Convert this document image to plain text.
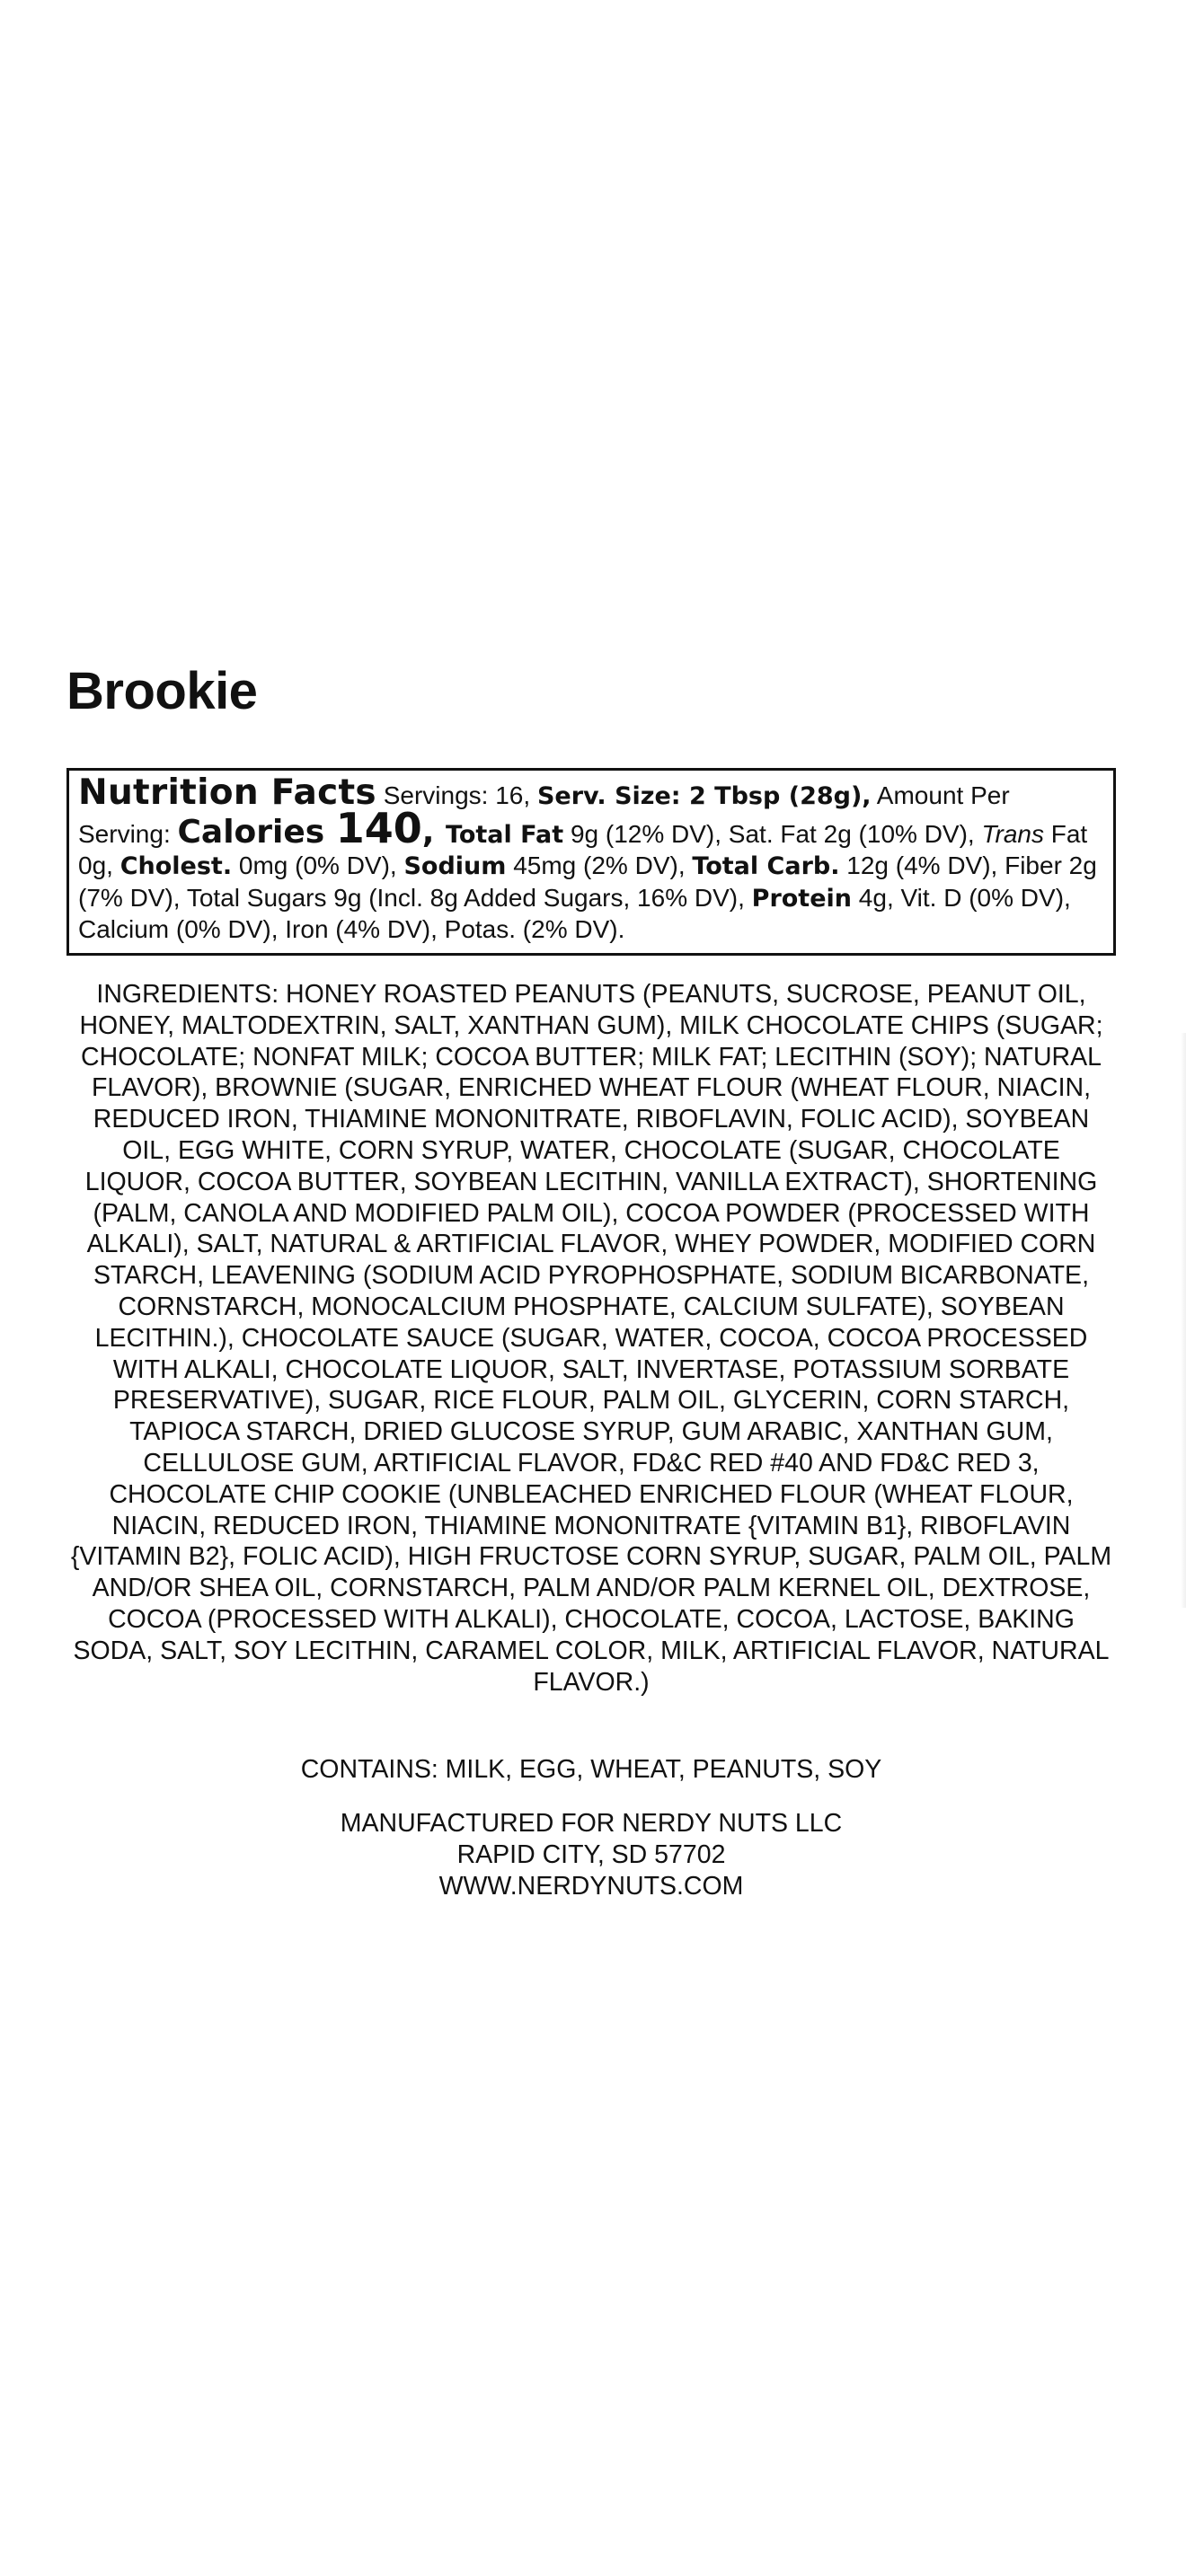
Brookie
Nutrition Facts Servings: 16, Serv. Size: 2 Tbsp (28g), Amount Per Serving: Calories 140, Total Fat 9g (12% DV), Sat. Fat 2g (10% DV), Trans Fat 0g, Cholest. 0mg (0% DV), Sodium 45mg (2% DV), Total Carb. 12g (4% DV), Fiber 2g (7% DV), Total Sugars 9g (Incl. 8g Added Sugars, 16% DV), Protein 4g, Vit. D (0% DV), Calcium (0% DV), Iron (4% DV), Potas. (2% DV).

INGREDIENTS: HONEY ROASTED PEANUTS (PEANUTS, SUCROSE, PEANUT OIL, HONEY, MALTODEXTRIN, SALT, XANTHAN GUM), MILK CHOCOLATE CHIPS (SUGAR; CHOCOLATE; NONFAT MILK; COCOA BUTTER; MILK FAT; LECITHIN (SOY); NATURAL FLAVOR), BROWNIE (SUGAR, ENRICHED WHEAT FLOUR (WHEAT FLOUR, NIACIN, REDUCED IRON, THIAMINE MONONITRATE, RIBOFLAVIN, FOLIC ACID), SOYBEAN OIL, EGG WHITE, CORN SYRUP, WATER, CHOCOLATE (SUGAR, CHOCOLATE LIQUOR, COCOA BUTTER, SOYBEAN LECITHIN, VANILLA EXTRACT), SHORTENING (PALM, CANOLA AND MODIFIED PALM OIL), COCOA POWDER (PROCESSED WITH ALKALI), SALT, NATURAL & ARTIFICIAL FLAVOR, WHEY POWDER, MODIFIED CORN STARCH, LEAVENING (SODIUM ACID PYROPHOSPHATE, SODIUM BICARBONATE, CORNSTARCH, MONOCALCIUM PHOSPHATE, CALCIUM SULFATE), SOYBEAN LECITHIN.), CHOCOLATE SAUCE (SUGAR, WATER, COCOA, COCOA PROCESSED WITH ALKALI, CHOCOLATE LIQUOR, SALT, INVERTASE, POTASSIUM SORBATE PRESERVATIVE), SUGAR, RICE FLOUR, PALM OIL, GLYCERIN, CORN STARCH, TAPIOCA STARCH, DRIED GLUCOSE SYRUP, GUM ARABIC, XANTHAN GUM, CELLULOSE GUM, ARTIFICIAL FLAVOR, FD&C RED #40 AND FD&C RED 3, CHOCOLATE CHIP COOKIE (UNBLEACHED ENRICHED FLOUR (WHEAT FLOUR, NIACIN, REDUCED IRON, THIAMINE MONONITRATE {VITAMIN B1}, RIBOFLAVIN {VITAMIN B2}, FOLIC ACID), HIGH FRUCTOSE CORN SYRUP, SUGAR, PALM OIL, PALM AND/OR SHEA OIL, CORNSTARCH, PALM AND/OR PALM KERNEL OIL, DEXTROSE, COCOA (PROCESSED WITH ALKALI), CHOCOLATE, COCOA, LACTOSE, BAKING SODA, SALT, SOY LECITHIN, CARAMEL COLOR, MILK, ARTIFICIAL FLAVOR, NATURAL FLAVOR.)

CONTAINS: MILK, EGG, WHEAT, PEANUTS, SOY

MANUFACTURED FOR NERDY NUTS LLC
RAPID CITY, SD 57702
WWW.NERDYNUTS.COM
